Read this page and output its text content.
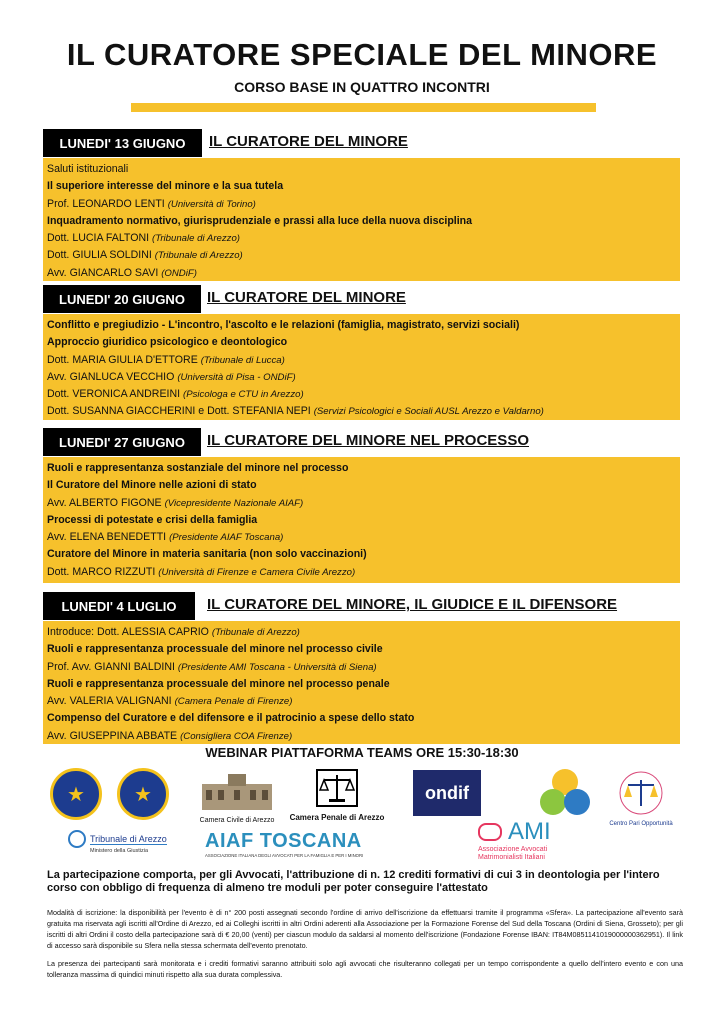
IL CURATORE SPECIALE DEL MINORE
CORSO BASE IN QUATTRO INCONTRI
LUNEDI' 13 GIUGNO	IL CURATORE DEL MINORE
Saluti istituzionali
Il superiore interesse del minore e la sua tutela
Prof. LEONARDO LENTI (Università di Torino)
Inquadramento normativo, giurisprudenziale e prassi alla luce della nuova disciplina
Dott. LUCIA FALTONI (Tribunale di Arezzo)
Dott. GIULIA SOLDINI (Tribunale di Arezzo)
Avv. GIANCARLO SAVI (ONDiF)
LUNEDI' 20 GIUGNO	IL CURATORE DEL MINORE
Conflitto e pregiudizio - L'incontro, l'ascolto e le relazioni (famiglia, magistrato, servizi sociali)
Approccio giuridico psicologico e deontologico
Dott. MARIA GIULIA D'ETTORE (Tribunale di Lucca)
Avv. GIANLUCA VECCHIO (Università di Pisa - ONDiF)
Dott. VERONICA ANDREINI (Psicologa e CTU in Arezzo)
Dott. SUSANNA GIACCHERINI e Dott. STEFANIA NEPI (Servizi Psicologici e Sociali AUSL Arezzo e Valdarno)
LUNEDI' 27 GIUGNO	IL CURATORE DEL MINORE NEL PROCESSO
Ruoli e rappresentanza sostanziale del minore nel processo
Il Curatore del Minore nelle azioni di stato
Avv. ALBERTO FIGONE (Vicepresidente Nazionale AIAF)
Processi di potestate e crisi della famiglia
Avv. ELENA BENEDETTI (Presidente AIAF Toscana)
Curatore del Minore in materia sanitaria (non solo vaccinazioni)
Dott. MARCO RIZZUTI (Università di Firenze e Camera Civile Arezzo)
LUNEDI' 4 LUGLIO	IL CURATORE DEL MINORE, IL GIUDICE E IL DIFENSORE
Introduce: Dott. ALESSIA CAPRIO (Tribunale di Arezzo)
Ruoli e rappresentanza processuale del minore nel processo civile
Prof. Avv. GIANNI BALDINI (Presidente AMI Toscana - Università di Siena)
Ruoli e rappresentanza processuale del minore nel processo penale
Avv. VALERIA VALIGNANI (Camera Penale di Firenze)
Compenso del Curatore e del difensore e il patrocinio a spese dello stato
Avv. GIUSEPPINA ABBATE (Consigliera COA Firenze)
WEBINAR PIATTAFORMA TEAMS ORE 15:30-18:30
★	★
Camera Civile di Arezzo	Camera Penale di Arezzo
ondif
Centro Pari Opportunità
Tribunale di Arezzo
Ministero della Giustizia	AIAF TOSCANA
ASSOCIAZIONE ITALIANA DEGLI AVVOCATI PER LA FAMIGLIA E PER I MINORI
AMI
Associazione Avvocati Matrimonialisti Italiani
La partecipazione comporta, per gli Avvocati, l'attribuzione di n. 12 crediti formativi di cui 3 in deontologia per l'intero corso con obbligo di frequenza di almeno tre moduli per poter conseguire l'attestato
Modalità di iscrizione: la disponibilità per l'evento è di n° 200 posti assegnati secondo l'ordine di arrivo dell'iscrizione da effettuarsi tramite il programma «Sfera». La partecipazione all'evento sarà gratuita ma riservata agli iscritti all'Ordine di Arezzo, ed ai Colleghi iscritti in altri Ordini aderenti alla Associazione per la Formazione Forense del Sud della Toscana (Ordini di Siena, Grosseto); per gli iscritti di altri Ordini il costo della partecipazione sarà di € 20,00 (venti) per ciascun modulo da saldarsi al momento dell'iscrizione (Fondazione Forense IBAN: IT84M0851141019000000362951). Il link di accesso sarà disponibile su Sfera nella stessa schermata dell'evento prenotato.
La presenza dei partecipanti sarà monitorata e i crediti formativi saranno attribuiti solo agli avvocati che risulteranno collegati per un tempo corrispondente a quello dell'intero evento e con una tolleranza massima di quindici minuti rispetto alla sua durata complessiva.
